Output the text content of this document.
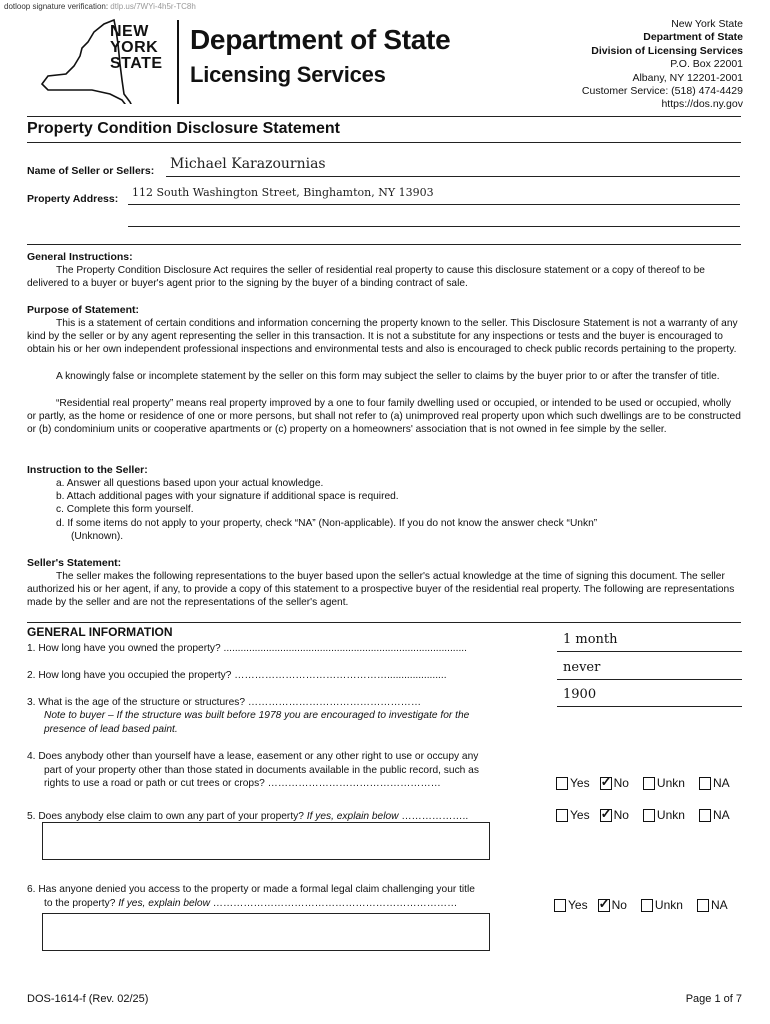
dotloop signature verification: dtlp.us/7WYi-4h5r-TC8h
NEW
YORK
STATE
Department of State
Licensing Services
New York State
Department of State
Division of Licensing Services
P.O. Box 22001
Albany, NY 12201-2001
Customer Service: (518) 474-4429
https://dos.ny.gov
Property Condition Disclosure Statement
Name of Seller or Sellers: Michael Karazournias
Property Address: 112 South Washington Street, Binghamton, NY 13903
General Instructions:
The Property Condition Disclosure Act requires the seller of residential real property to cause this disclosure statement or a copy of thereof to be delivered to a buyer or buyer's agent prior to the signing by the buyer of a binding contract of sale.
Purpose of Statement:
This is a statement of certain conditions and information concerning the property known to the seller. This Disclosure Statement is not a warranty of any kind by the seller or by any agent representing the seller in this transaction. It is not a substitute for any inspections or tests and the buyer is encouraged to obtain his or her own independent professional inspections and environmental tests and also is encouraged to check public records pertaining to the property.
A knowingly false or incomplete statement by the seller on this form may subject the seller to claims by the buyer prior to or after the transfer of title.
“Residential real property” means real property improved by a one to four family dwelling used or occupied, or intended to be used or occupied, wholly or partly, as the home or residence of one or more persons, but shall not refer to (a) unimproved real property upon which such dwellings are to be constructed or (b) condominium units or cooperative apartments or (c) property on a homeowners' association that is not owned in fee simple by the seller.
Instruction to the Seller:
a. Answer all questions based upon your actual knowledge.
b. Attach additional pages with your signature if additional space is required.
c. Complete this form yourself.
d. If some items do not apply to your property, check “NA” (Non-applicable). If you do not know the answer check “Unkn”
(Unknown).
Seller's Statement:
The seller makes the following representations to the buyer based upon the seller's actual knowledge at the time of signing this document. The seller authorized his or her agent, if any, to provide a copy of this statement to a prospective buyer of the residential real property. The following are representations made by the seller and are not the representations of the seller's agent.
GENERAL INFORMATION
1. How long have you owned the property? ......................................................................................
1 month
2. How long have you occupied the property? ……………………………………….....................
never
3. What is the age of the structure or structures? ……………………………………………
1900
Note to buyer – If the structure was built before 1978 you are encouraged to investigate for the
presence of lead based paint.
4. Does anybody other than yourself have a lease, easement or any other right to use or occupy any
part of your property other than those stated in documents available in the public record, such as
rights to use a road or path or cut trees or crops? ……………………………………………	Yes ✓ No Unkn NA
5. Does anybody else claim to own any part of your property? If yes, explain below ………………..	Yes ✓ No Unkn NA
6. Has anyone denied you access to the property or made a formal legal claim challenging your title
to the property? If yes, explain below ………………………………………………………………	Yes ✓ No Unkn NA
DOS-1614-f (Rev. 02/25)	Page 1 of 7
